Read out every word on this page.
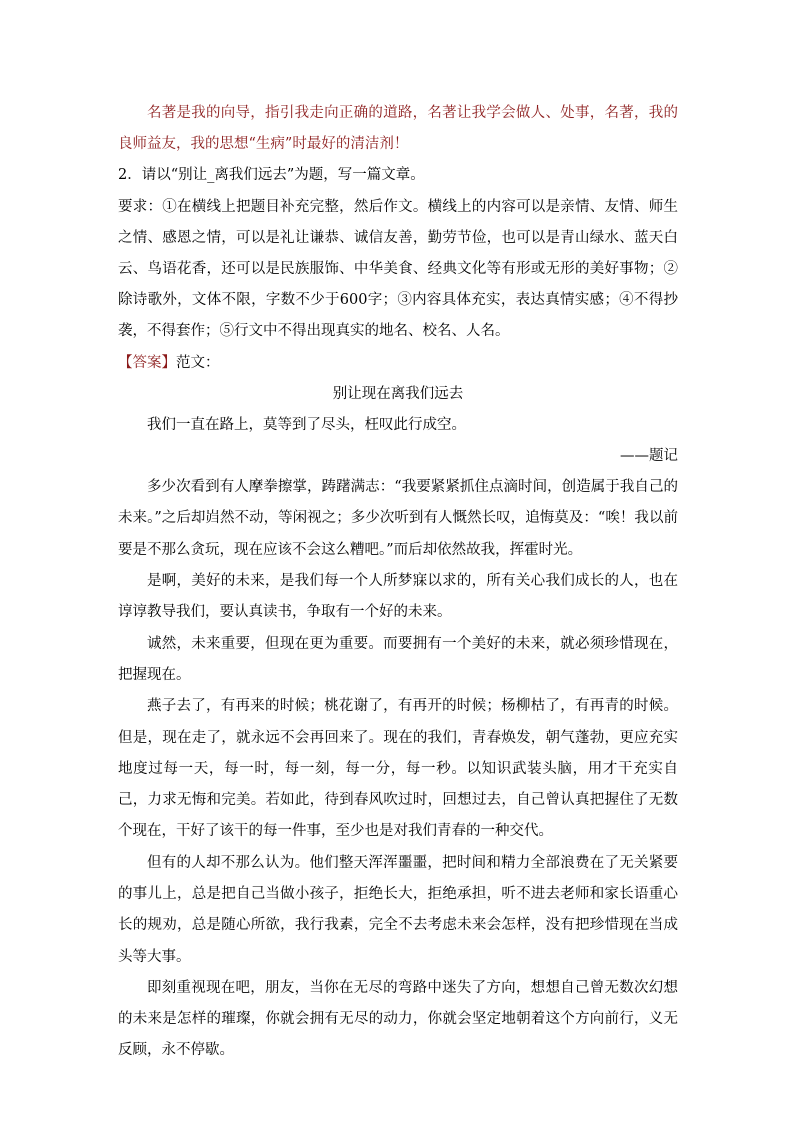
名著是我的向导，指引我走向正确的道路，名著让我学会做人、处事，名著，我的良师益友，我的思想“生病”时最好的清洁剂！

2．请以“别让_离我们远去”为题，写一篇文章。

要求：①在横线上把题目补充完整，然后作文。横线上的内容可以是亲情、友情、师生之情、感恩之情，可以是礼让谦恭、诚信友善，勤劳节俭，也可以是青山绿水、蓝天白云、鸟语花香，还可以是民族服饰、中华美食、经典文化等有形或无形的美好事物；②除诗歌外，文体不限，字数不少于600字；③内容具体充实，表达真情实感；④不得抄袭，不得套作；⑤行文中不得出现真实的地名、校名、人名。

【答案】范文：

别让现在离我们远去

我们一直在路上，莫等到了尽头，枉叹此行成空。

——题记

多少次看到有人摩拳擦掌，踌躇满志：“我要紧紧抓住点滴时间，创造属于我自己的未来。”之后却岿然不动，等闲视之；多少次听到有人慨然长叹，追悔莫及：“唉！我以前要是不那么贪玩，现在应该不会这么糟吧。”而后却依然故我，挥霍时光。

是啊，美好的未来，是我们每一个人所梦寐以求的，所有关心我们成长的人，也在谆谆教导我们，要认真读书，争取有一个好的未来。

诚然，未来重要，但现在更为重要。而要拥有一个美好的未来，就必须珍惜现在，把握现在。

燕子去了，有再来的时候；桃花谢了，有再开的时候；杨柳枯了，有再青的时候。但是，现在走了，就永远不会再回来了。现在的我们，青春焕发，朝气蓬勃，更应充实地度过每一天，每一时，每一刻，每一分，每一秒。以知识武装头脑，用才干充实自己，力求无悔和完美。若如此，待到春风吹过时，回想过去，自己曾认真把握住了无数个现在，干好了该干的每一件事，至少也是对我们青春的一种交代。

但有的人却不那么认为。他们整天浑浑噩噩，把时间和精力全部浪费在了无关紧要的事儿上，总是把自己当做小孩子，拒绝长大，拒绝承担，听不进去老师和家长语重心长的规劝，总是随心所欲，我行我素，完全不去考虑未来会怎样，没有把珍惜现在当成头等大事。

即刻重视现在吧，朋友，当你在无尽的弯路中迷失了方向，想想自己曾无数次幻想的未来是怎样的璀璨，你就会拥有无尽的动力，你就会坚定地朝着这个方向前行，义无反顾，永不停歇。
